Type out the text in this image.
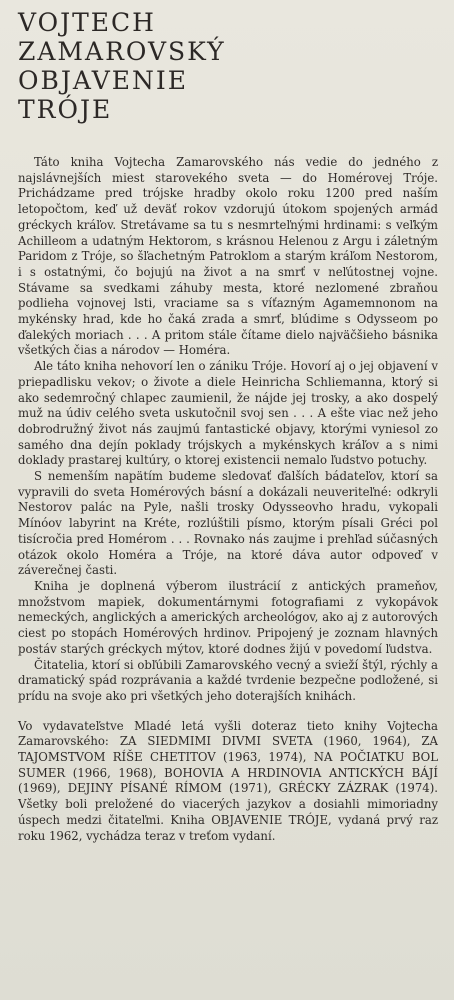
VOJTECH
ZAMAROVSKÝ
OBJAVENIE
TRÓJE

Táto kniha Vojtecha Zamarovského nás vedie do jedného z najslávnejších miest starovekého sveta — do Homérovej Tróje. Prichádzame pred trójske hradby okolo roku 1200 pred naším letopočtom, keď už deväť rokov vzdorujú útokom spojených armád gréckych kráľov. Stretávame sa tu s nesmrteľnými hrdinami: s veľkým Achilleom a udatným Hektorom, s krásnou Helenou z Argu i záletným Paridom z Tróje, so šľachetným Patroklom a starým kráľom Nestorom, i s ostatnými, čo bojujú na život a na smrť v neľútostnej vojne. Stávame sa svedkami záhuby mesta, ktoré nezlomené zbraňou podlieha vojnovej lsti, vraciame sa s víťazným Agamemnonom na mykénsky hrad, kde ho čaká zrada a smrť, blúdime s Odysseom po ďalekých moriach . . . A pritom stále čítame dielo najväčšieho básnika všetkých čias a národov — Homéra.

Ale táto kniha nehovorí len o zániku Tróje. Hovorí aj o jej objavení v priepadlisku vekov; o živote a diele Heinricha Schliemanna, ktorý si ako sedemročný chlapec zaumienil, že nájde jej trosky, a ako dospelý muž na údiv celého sveta uskutočnil svoj sen . . . A ešte viac než jeho dobrodružný život nás zaujmú fantastické objavy, ktorými vyniesol zo samého dna dejín poklady trójskych a mykénskych kráľov a s nimi doklady prastarej kultúry, o ktorej existencii nemalo ľudstvo potuchy.

S nemenším napätím budeme sledovať ďalších bádateľov, ktorí sa vypravili do sveta Homérových básní a dokázali neuveriteľné: odkryli Nestorov palác na Pyle, našli trosky Odysseovho hradu, vykopali Mínóov labyrint na Kréte, rozlúštili písmo, ktorým písali Gréci pol tisícročia pred Homérom . . . Rovnako nás zaujme i prehľad súčasných otázok okolo Homéra a Tróje, na ktoré dáva autor odpoveď v záverečnej časti.

Kniha je doplnená výberom ilustrácií z antických prameňov, množstvom mapiek, dokumentárnymi fotografiami z vykopávok nemeckých, anglických a amerických archeológov, ako aj z autorových ciest po stopách Homérových hrdinov. Pripojený je zoznam hlavných postáv starých gréckych mýtov, ktoré dodnes žijú v povedomí ľudstva.

Čitatelia, ktorí si obľúbili Zamarovského vecný a svieží štýl, rýchly a dramatický spád rozprávania a každé tvrdenie bezpečne podložené, si prídu na svoje ako pri všetkých jeho doterajších knihách.

Vo vydavateľstve Mladé letá vyšli doteraz tieto knihy Vojtecha Zamarovského: ZA SIEDMIMI DIVMI SVETA (1960, 1964), ZA TAJOMSTVOM RÍŠE CHETITOV (1963, 1974), NA POČIATKU BOL SUMER (1966, 1968), BOHOVIA A HRDINOVIA ANTICKÝCH BÁJÍ (1969), DEJINY PÍSANÉ RÍMOM (1971), GRÉCKY ZÁZRAK (1974). Všetky boli preložené do viacerých jazykov a dosiahli mimoriadny úspech medzi čitateľmi. Kniha OBJAVENIE TRÓJE, vydaná prvý raz roku 1962, vychádza teraz v treťom vydaní.
